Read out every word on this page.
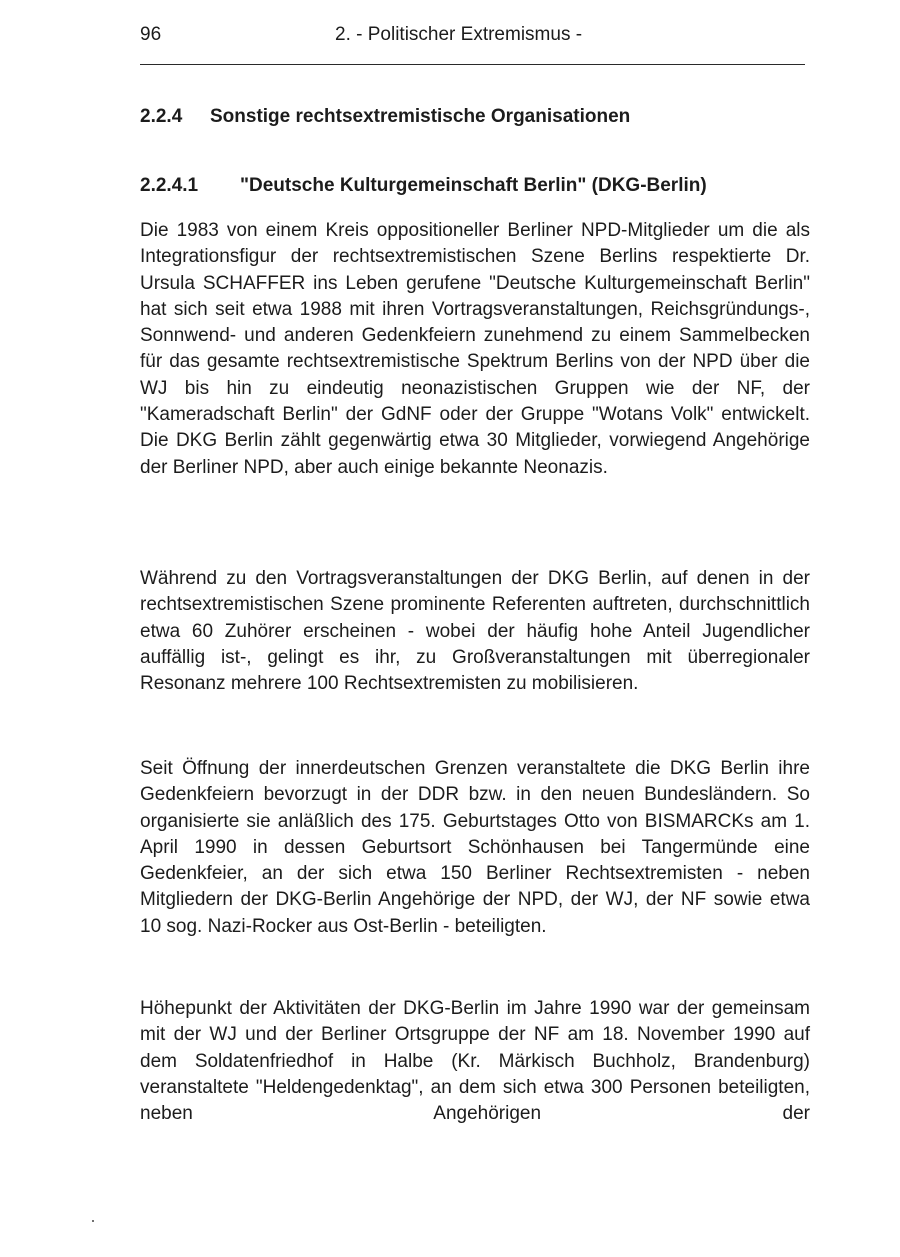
96	2. - Politischer Extremismus -
2.2.4 Sonstige rechtsextremistische Organisationen
2.2.4.1 "Deutsche Kulturgemeinschaft Berlin" (DKG-Berlin)

Die 1983 von einem Kreis oppositioneller Berliner NPD-Mitglieder um die als Integrationsfigur der rechtsextremistischen Szene Berlins respektierte Dr. Ursula SCHAFFER ins Leben gerufene "Deutsche Kulturgemeinschaft Berlin" hat sich seit etwa 1988 mit ihren Vortragsveranstaltungen, Reichsgründungs-, Sonnwend- und anderen Gedenkfeiern zunehmend zu einem Sammelbecken für das gesamte rechtsextremistische Spektrum Berlins von der NPD über die WJ bis hin zu eindeutig neonazistischen Gruppen wie der NF, der "Kameradschaft Berlin" der GdNF oder der Gruppe "Wotans Volk" entwickelt. Die DKG Berlin zählt gegenwärtig etwa 30 Mitglieder, vorwiegend Angehörige der Berliner NPD, aber auch einige bekannte Neonazis.

Während zu den Vortragsveranstaltungen der DKG Berlin, auf denen in der rechtsextremistischen Szene prominente Referenten auftreten, durchschnittlich etwa 60 Zuhörer erscheinen - wobei der häufig hohe Anteil Jugendlicher auffällig ist-, gelingt es ihr, zu Großveranstaltungen mit überregionaler Resonanz mehrere 100 Rechtsextremisten zu mobilisieren.

Seit Öffnung der innerdeutschen Grenzen veranstaltete die DKG Berlin ihre Gedenkfeiern bevorzugt in der DDR bzw. in den neuen Bundesländern. So organisierte sie anläßlich des 175. Geburtstages Otto von BISMARCKs am 1. April 1990 in dessen Geburtsort Schönhausen bei Tangermünde eine Gedenkfeier, an der sich etwa 150 Berliner Rechtsextremisten - neben Mitgliedern der DKG-Berlin Angehörige der NPD, der WJ, der NF sowie etwa 10 sog. Nazi-Rocker aus Ost-Berlin - beteiligten.

Höhepunkt der Aktivitäten der DKG-Berlin im Jahre 1990 war der gemeinsam mit der WJ und der Berliner Ortsgruppe der NF am 18. November 1990 auf dem Soldatenfriedhof in Halbe (Kr. Märkisch Buchholz, Brandenburg) veranstaltete "Heldengedenktag", an dem sich etwa 300 Personen beteiligten, neben Angehörigen der
